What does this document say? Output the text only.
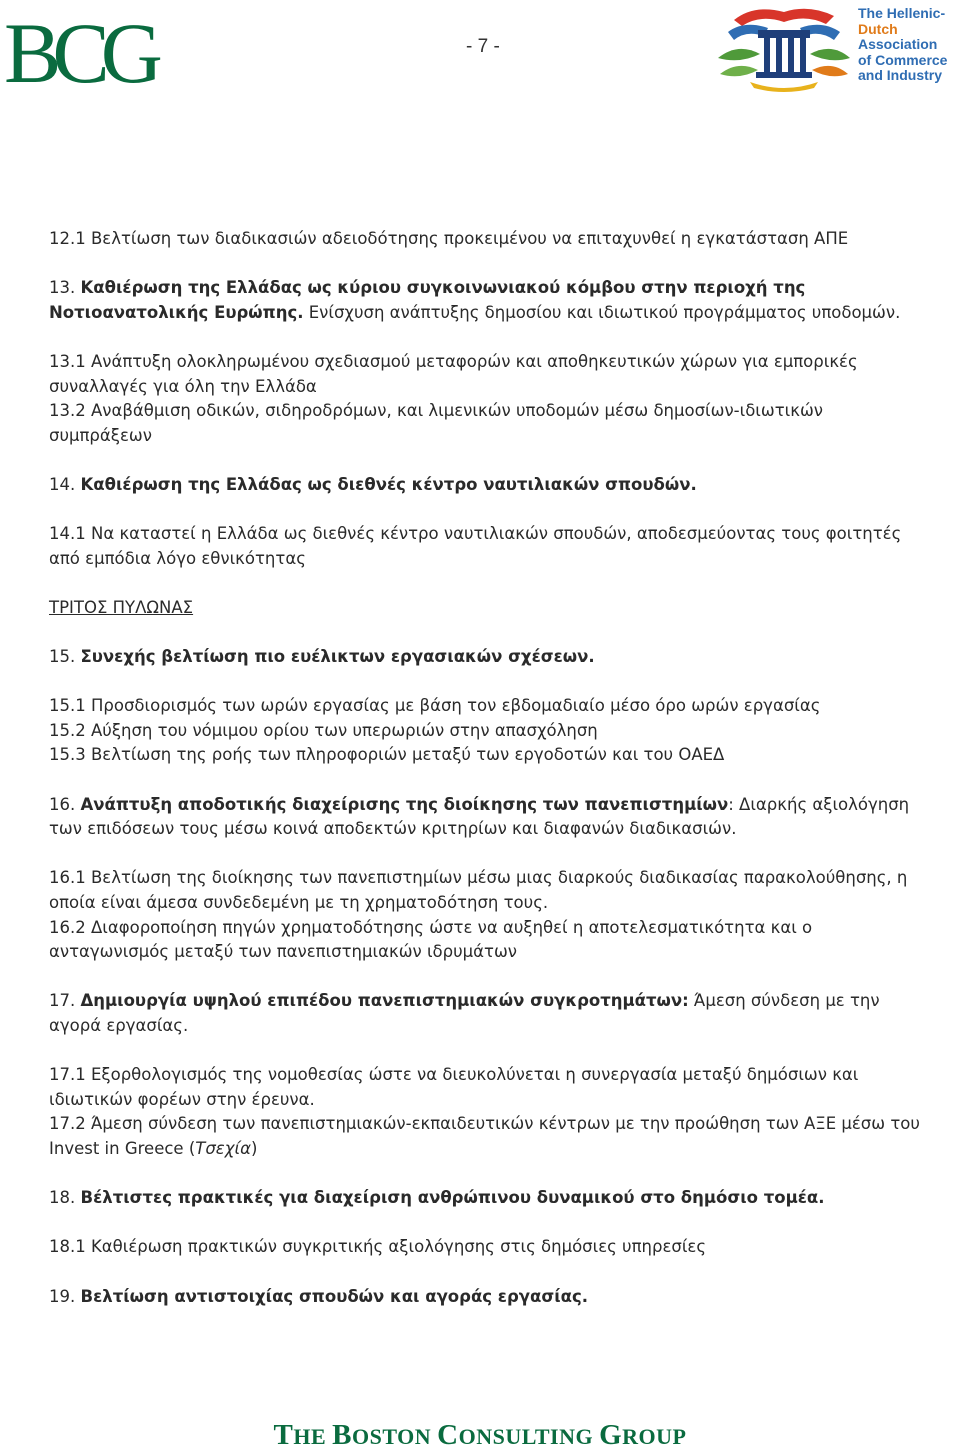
BCG	- 7 -
The Hellenic-
Dutch
Association
of Commerce
and Industry

12.1 Βελτίωση των διαδικασιών αδειοδότησης προκειμένου να επιταχυνθεί η εγκατάσταση ΑΠΕ

13. Καθιέρωση της Ελλάδας ως κύριου συγκοινωνιακού κόμβου στην περιοχή της Νοτιοανατολικής Ευρώπης. Ενίσχυση ανάπτυξης δημοσίου και ιδιωτικού προγράμματος υποδομών.

13.1 Ανάπτυξη ολοκληρωμένου σχεδιασμού μεταφορών και αποθηκευτικών χώρων για εμπορικές συναλλαγές για όλη την Ελλάδα

13.2 Αναβάθμιση οδικών, σιδηροδρόμων, και λιμενικών υποδομών μέσω δημοσίων-ιδιωτικών συμπράξεων

14. Καθιέρωση της Ελλάδας ως διεθνές κέντρο ναυτιλιακών σπουδών.

14.1 Να καταστεί η Ελλάδα ως διεθνές κέντρο ναυτιλιακών σπουδών, αποδεσμεύοντας τους φοιτητές από εμπόδια λόγο εθνικότητας

ΤΡΙΤΟΣ ΠΥΛΩΝΑΣ

15. Συνεχής βελτίωση πιο ευέλικτων εργασιακών σχέσεων.

15.1 Προσδιορισμός των ωρών εργασίας με βάση τον εβδομαδιαίο μέσο όρο ωρών εργασίας

15.2 Αύξηση του νόμιμου ορίου των υπερωριών στην απασχόληση

15.3 Βελτίωση της ροής των πληροφοριών μεταξύ των εργοδοτών και του ΟΑΕΔ

16. Ανάπτυξη αποδοτικής διαχείρισης της διοίκησης των πανεπιστημίων: Διαρκής αξιολόγηση των επιδόσεων τους μέσω κοινά αποδεκτών κριτηρίων και διαφανών διαδικασιών.

16.1 Βελτίωση της διοίκησης των πανεπιστημίων μέσω μιας διαρκούς διαδικασίας παρακολούθησης, η οποία είναι άμεσα συνδεδεμένη με τη χρηματοδότηση τους.

16.2 Διαφοροποίηση πηγών χρηματοδότησης ώστε να αυξηθεί η αποτελεσματικότητα και ο ανταγωνισμός μεταξύ των πανεπιστημιακών ιδρυμάτων

17. Δημιουργία υψηλού επιπέδου πανεπιστημιακών συγκροτημάτων: Άμεση σύνδεση με την αγορά εργασίας.

17.1 Εξορθολογισμός της νομοθεσίας ώστε να διευκολύνεται η συνεργασία μεταξύ δημόσιων και ιδιωτικών φορέων στην έρευνα.

17.2 Άμεση σύνδεση των πανεπιστημιακών-εκπαιδευτικών κέντρων με την προώθηση των ΑΞΕ μέσω του Invest in Greece (Τσεχία)

18. Βέλτιστες πρακτικές για διαχείριση ανθρώπινου δυναμικού στο δημόσιο τομέα.

18.1 Καθιέρωση πρακτικών συγκριτικής αξιολόγησης στις δημόσιες υπηρεσίες

19. Βελτίωση αντιστοιχίας σπουδών και αγοράς εργασίας.

THE BOSTON CONSULTING GROUP
